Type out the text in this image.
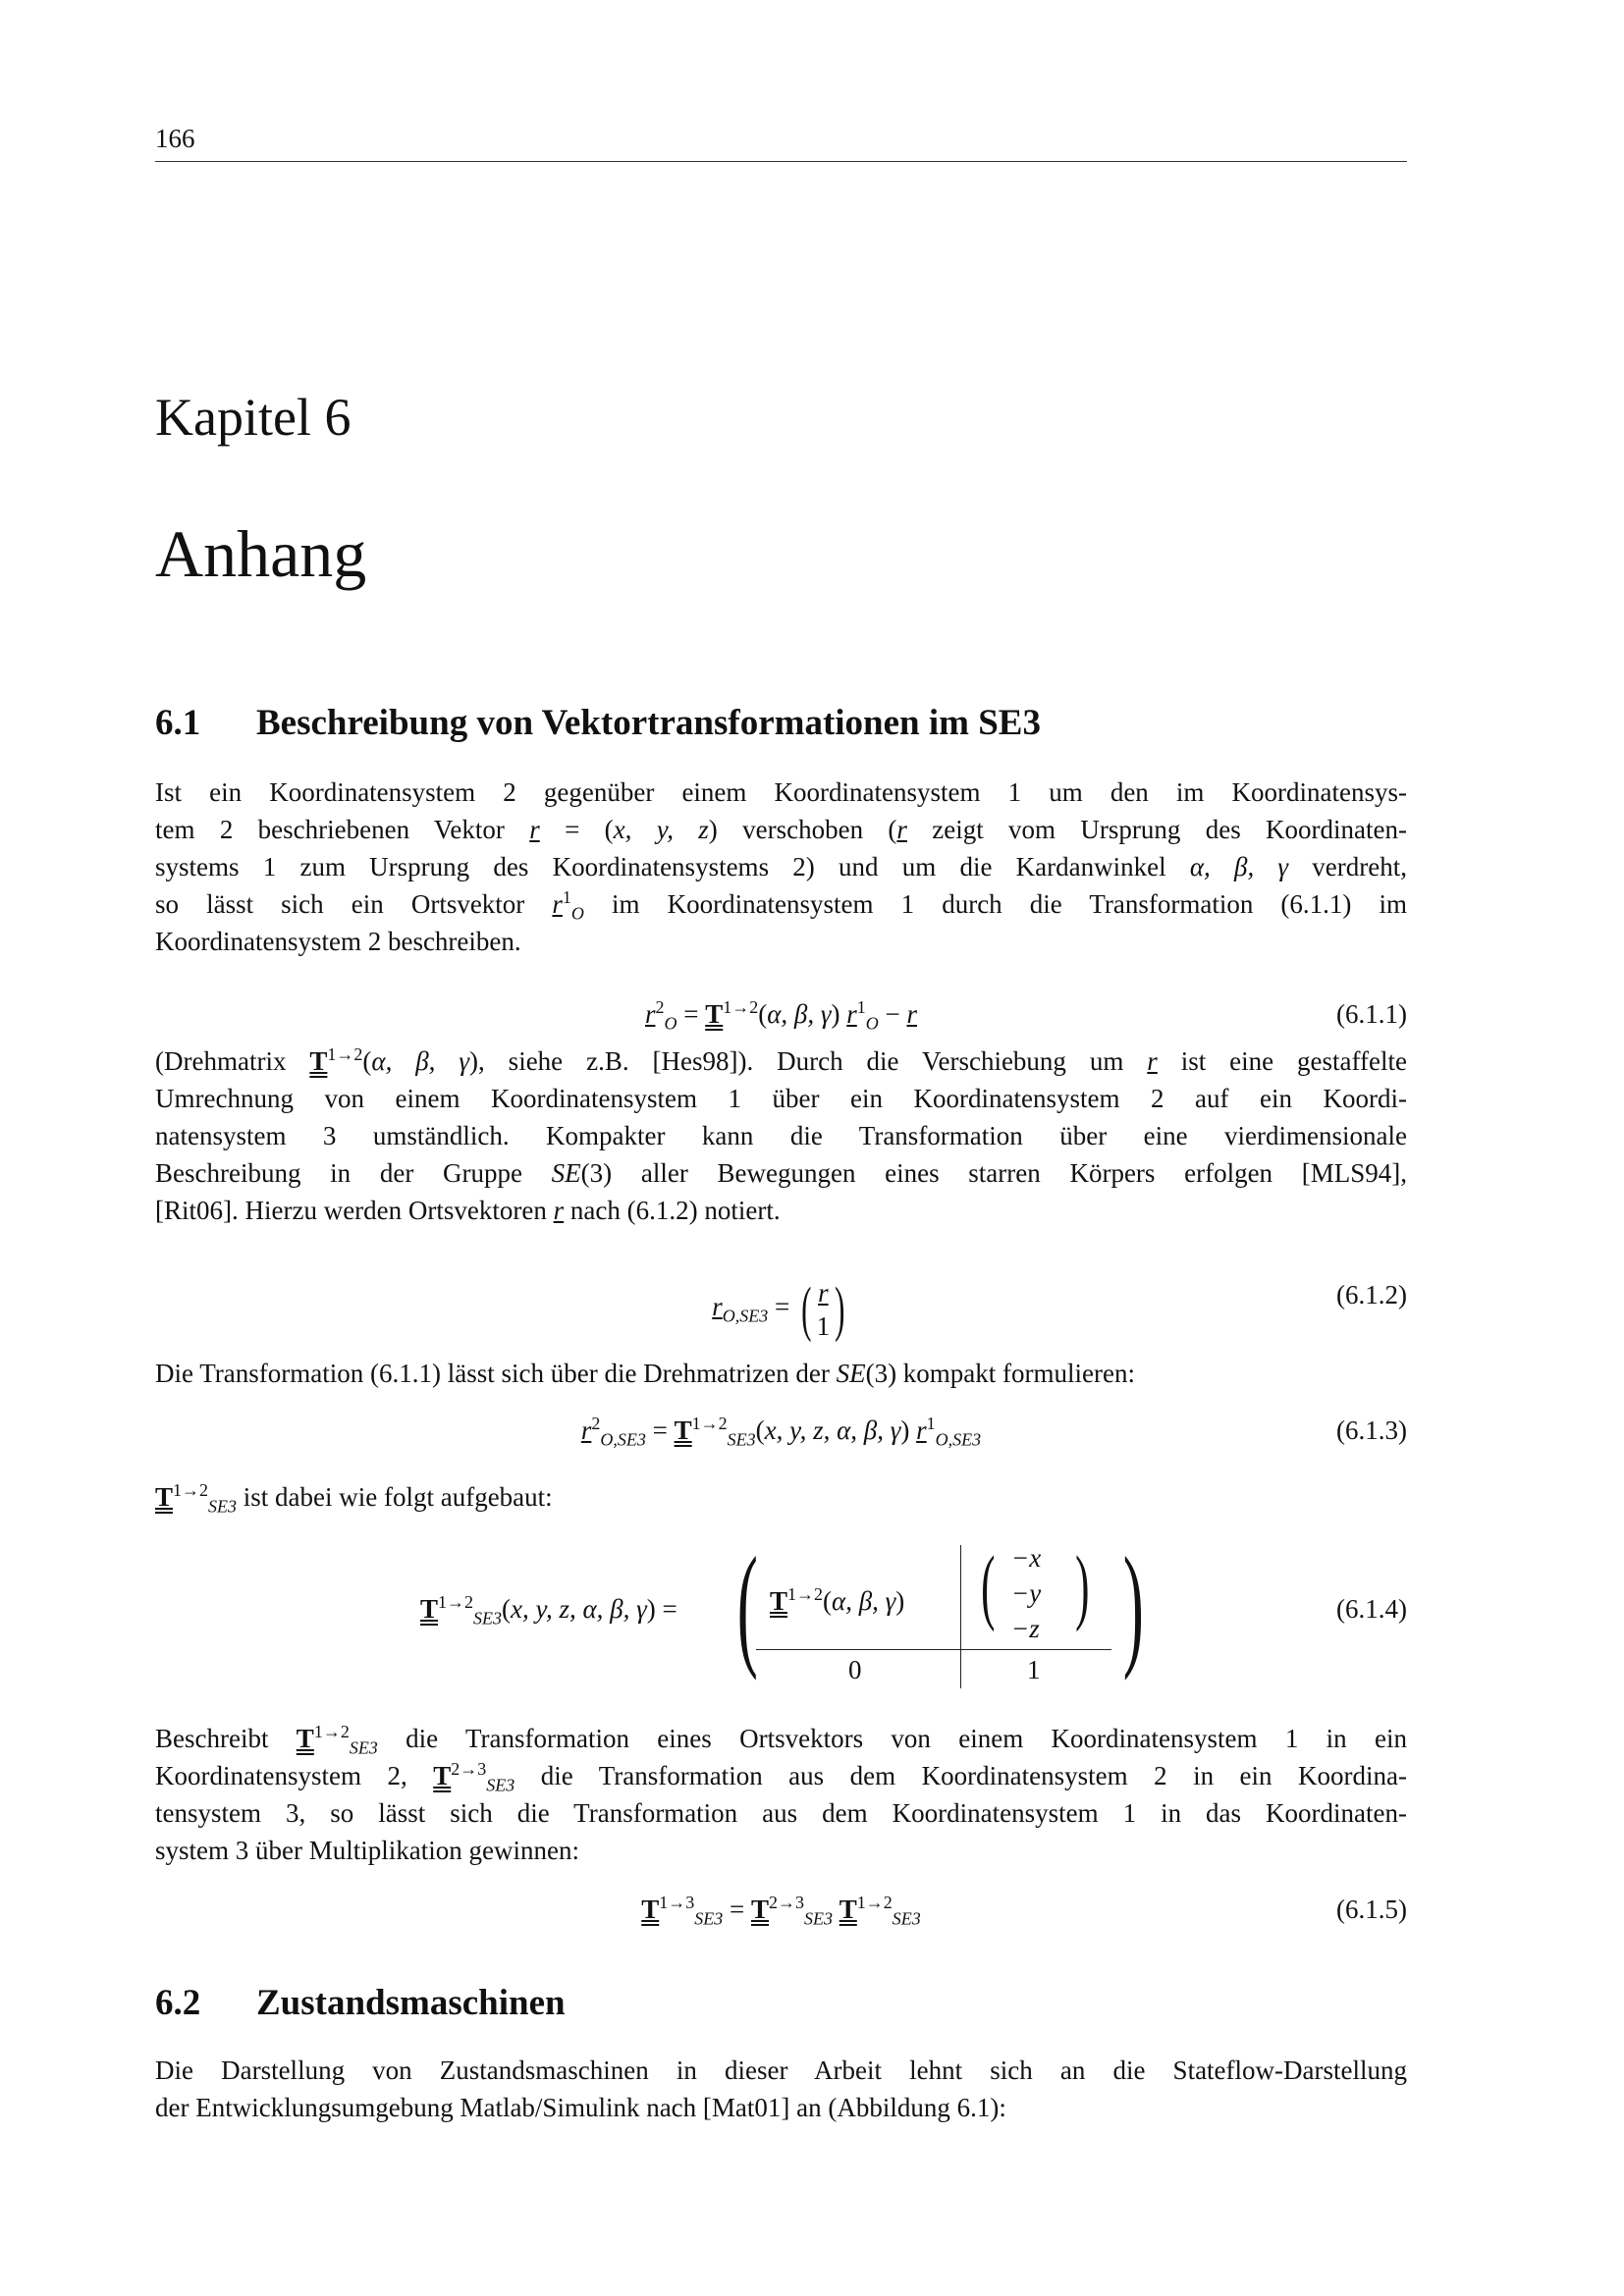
166
Kapitel 6
Anhang
6.1 Beschreibung von Vektortransformationen im SE3
Ist ein Koordinatensystem 2 gegenüber einem Koordinatensystem 1 um den im Koordinatensys-
tem 2 beschriebenen Vektor r = (x, y, z) verschoben (r zeigt vom Ursprung des Koordinaten-
systems 1 zum Ursprung des Koordinatensystems 2) und um die Kardanwinkel α, β, γ verdreht,
so lässt sich ein Ortsvektor $r^1_O$ im Koordinatensystem 1 durch die Transformation (6.1.1) im
Koordinatensystem 2 beschreiben.
$r^2_O = T^{1\to 2}(\alpha$, β, γ) $r^1_O - r$	(6.1.1)
(Drehmatrix $T^{1\to 2}(\alpha$, β, γ), siehe z.B. [Hes98]). Durch die Verschiebung um r ist eine gestaffelte
Umrechnung von einem Koordinatensystem 1 über ein Koordinatensystem 2 auf ein Koordi-
natensystem 3 umständlich. Kompakter kann die Transformation über eine vierdimensionale
Beschreibung in der Gruppe SE(3) aller Bewegungen eines starren Körpers erfolgen [MLS94],
[Rit06]. Hierzu werden Ortsvektoren r nach (6.1.2) notiert.
$r_{O,SE3}$ = ( r
1)	(6.1.2)
Die Transformation (6.1.1) lässt sich über die Drehmatrizen der SE(3) kompakt formulieren:
$r^2_{O,SE3} = T^{1\to 2}_{SE3}(x$, y, z, α, β, γ) $r^1_{O,SE3}$	(6.1.3)
$T^{1\to 2}_{SE3}$ ist dabei wie folgt aufgebaut:
$T^{1\to 2}_{SE3}(x$, y, z, α, β, γ) =	(6.1.4)
(	)
$T^{1\to 2}(\alpha$, β, γ) ( )
−x
−y
−z
0	1
Beschreibt $T^{1\to 2}_{SE3}$ die Transformation eines Ortsvektors von einem Koordinatensystem 1 in ein
Koordinatensystem 2, $T^{2\to 3}_{SE3}$ die Transformation aus dem Koordinatensystem 2 in ein Koordina-
tensystem 3, so lässt sich die Transformation aus dem Koordinatensystem 1 in das Koordinaten-
system 3 über Multiplikation gewinnen:
$T^{1\to 3}_{SE3} = T^{2\to 3}_{SE3}$ $T^{1\to 2}_{SE3}$	(6.1.5)
6.2 Zustandsmaschinen
Die Darstellung von Zustandsmaschinen in dieser Arbeit lehnt sich an die Stateflow-Darstellung
der Entwicklungsumgebung Matlab/Simulink nach [Mat01] an (Abbildung 6.1):
